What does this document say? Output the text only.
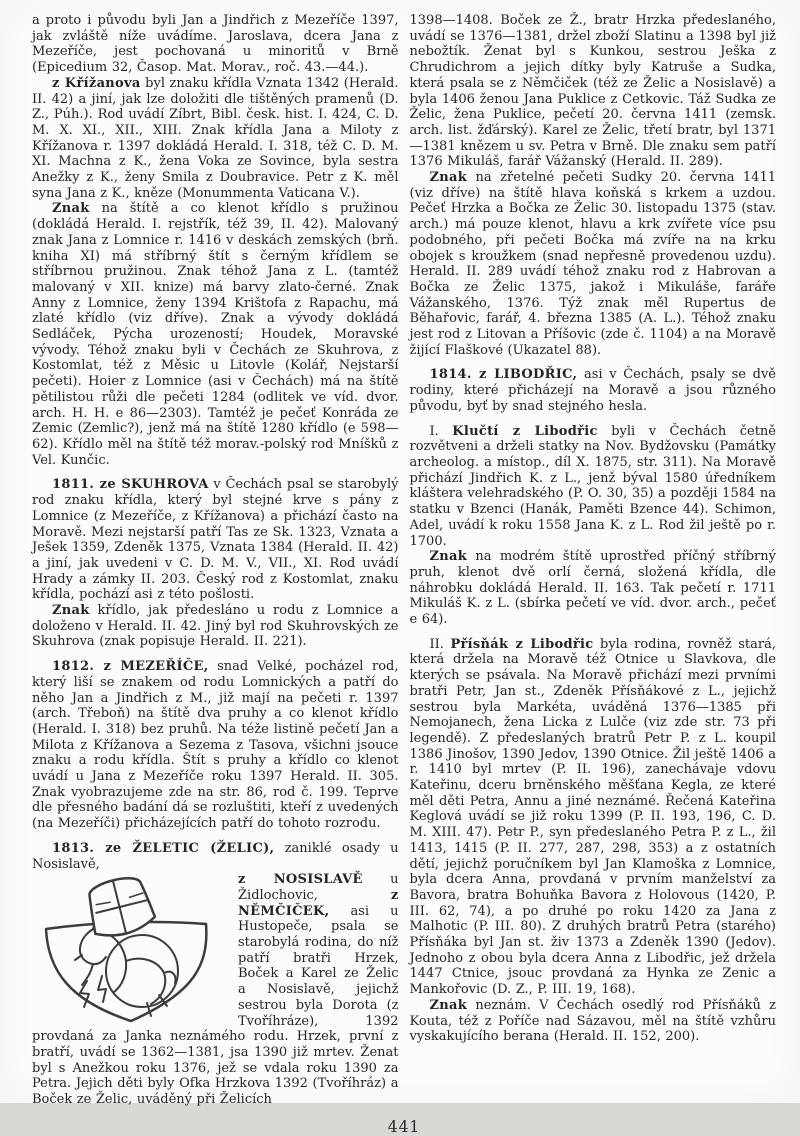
a proto i původu byli Jan a Jindřich z Mezeříče 1397, jak zvláště níže uvádíme. Jaroslava, dcera Jana z Mezeříče, jest pochovaná u minoritů v Brně (Epicedium 32, Časop. Mat. Morav., roč. 43.—44.).

z Křížanova byl znaku křídla Vznata 1342 (Herald. II. 42) a jiní, jak lze doložiti dle tištěných pramenů (D. Z., Púh.). Rod uvádí Zíbrt, Bibl. česk. hist. I. 424, C. D. M. X. XI., XII., XIII. Znak křídla Jana a Miloty z Křížanova r. 1397 dokládá Herald. I. 318, též C. D. M. XI. Machna z K., žena Voka ze Sovince, byla sestra Anežky z K., ženy Smila z Doubravice. Petr z K. měl syna Jana z K., kněze (Monummenta Vaticana V.).

Znak na štítě a co klenot křídlo s pružinou (dokládá Herald. I. rejstřík, též 39, II. 42). Malovaný znak Jana z Lomnice r. 1416 v deskách zemských (brň. kniha XI) má stříbrný štít s černým křídlem se stříbrnou pružinou. Znak téhož Jana z L. (tamtéž malovaný v XII. knize) má barvy zlato-černé. Znak Anny z Lomnice, ženy 1394 Krištofa z Rapachu, má zlaté křídlo (viz dříve). Znak a vývody dokládá Sedláček, Pýcha urozeností; Houdek, Moravské vývody. Téhož znaku byli v Čechách ze Skuhrova, z Kostomlat, též z Měsic u Litovle (Kolář, Nejstarší pečeti). Hoier z Lomnice (asi v Čechách) má na štítě pětilistou růži dle pečeti 1284 (odlitek ve víd. dvor. arch. H. H. e 86—2303). Tamtéž je pečeť Konráda ze Zemic (Zemlic?), jenž má na štítě 1280 křídlo (e 598—62). Křídlo měl na štítě též morav.-polský rod Mníšků z Vel. Kunčic.

1811. ze SKUHROVA v Čechách psal se starobylý rod znaku křídla, který byl stejné krve s pány z Lomnice (z Mezeříče, z Křížanova) a přichází často na Moravě. Mezi nejstarší patří Tas ze Sk. 1323, Vznata a Ješek 1359, Zdeněk 1375, Vznata 1384 (Herald. II. 42) a jiní, jak uvedeni v C. D. M. V., VII., XI. Rod uvádí Hrady a zámky II. 203. Český rod z Kostomlat, znaku křídla, pochází asi z této pošlosti.

Znak křídlo, jak předesláno u rodu z Lomnice a doloženo v Herald. II. 42. Jiný byl rod Skuhrovských ze Skuhrova (znak popisuje Herald. II. 221).

1812. z MEZEŘÍČE, snad Velké, pocházel rod, který liší se znakem od rodu Lomnických a patří do něho Jan a Jindřich z M., již mají na pečeti r. 1397 (arch. Třeboň) na štítě dva pruhy a co klenot křídlo (Herald. I. 318) bez pruhů. Na téže listině pečetí Jan a Milota z Křížanova a Sezema z Tasova, všichni jsouce znaku a rodu křídla. Štít s pruhy a křídlo co klenot uvádí u Jana z Mezeříče roku 1397 Herald. II. 305. Znak vyobrazujeme zde na str. 86, rod č. 199. Teprve dle přesného badání dá se rozluštiti, kteří z uvedených (na Mezeříči) přicházejících patří do tohoto rozrodu.

1813. ze ŽELETIC (ŽELIC), zaniklé osady u Nosislavě,

z NOSISLAVĚ u Židlochovic, z NĚMČIČEK, asi u Hustopeče, psala se starobylá rodina, do níž patří bratři Hrzek, Boček a Karel ze Želic a Nosislavě, jejichž sestrou byla Dorota (z Tvoříhráze), 1392 provdaná za Janka neznámého rodu. Hrzek, první z bratří, uvádí se 1362—1381, jsa 1390 již mrtev. Ženat byl s Anežkou roku 1376, jež se vdala roku 1390 za Petra. Jejich děti byly Ofka Hrzkova 1392 (Tvoříhráz) a Boček ze Želic, uváděný při Želicích

1398—1408. Boček ze Ž., bratr Hrzka předeslaného, uvádí se 1376—1381, držel zboží Slatinu a 1398 byl již nebožtík. Ženat byl s Kunkou, sestrou Ješka z Chrudichrom a jejich dítky byly Katruše a Sudka, která psala se z Němčiček (též ze Želic a Nosislavě) a byla 1406 ženou Jana Puklice z Cetkovic. Táž Sudka ze Želic, žena Puklice, pečetí 20. června 1411 (zemsk. arch. list. žďárský). Karel ze Želic, třetí bratr, byl 1371—1381 knězem u sv. Petra v Brně. Dle znaku sem patří 1376 Mikuláš, farář Vážanský (Herald. II. 289).

Znak na zřetelné pečeti Sudky 20. června 1411 (viz dříve) na štítě hlava koňská s krkem a uzdou. Pečeť Hrzka a Bočka ze Želic 30. listopadu 1375 (stav. arch.) má pouze klenot, hlavu a krk zvířete více psu podobného, při pečeti Bočka má zvíře na na krku obojek s kroužkem (snad nepřesně provedenou uzdu). Herald. II. 289 uvádí téhož znaku rod z Habrovan a Bočka ze Želic 1375, jakož i Mikuláše, faráře Vážanského, 1376. Týž znak měl Rupertus de Běhařovic, farář, 4. března 1385 (A. L.). Téhož znaku jest rod z Litovan a Příšovic (zde č. 1104) a na Moravě žijící Flaškové (Ukazatel 88).

1814. z LIBODŘIC, asi v Čechách, psaly se dvě rodiny, které přicházejí na Moravě a jsou různého původu, byť by snad stejného hesla.

I. Klučtí z Libodřic byli v Čechách četně rozvětveni a drželi statky na Nov. Bydžovsku (Památky archeolog. a místop., díl X. 1875, str. 311). Na Moravě přichází Jindřich K. z L., jenž býval 1580 úředníkem kláštera velehradského (P. O. 30, 35) a později 1584 na statku v Bzenci (Hanák, Paměti Bzence 44). Schimon, Adel, uvádí k roku 1558 Jana K. z L. Rod žil ještě po r. 1700.

Znak na modrém štítě uprostřed příčný stříbrný pruh, klenot dvě orlí černá, složená křídla, dle náhrobku dokládá Herald. II. 163. Tak pečetí r. 1711 Mikuláš K. z L. (sbírka pečetí ve víd. dvor. arch., pečeť e 64).

II. Přísňák z Libodřic byla rodina, rovněž stará, která držela na Moravě též Otnice u Slavkova, dle kterých se psávala. Na Moravě přichází mezi prvními bratři Petr, Jan st., Zdeněk Přísňákové z L., jejichž sestrou byla Markéta, uváděná 1376—1385 při Nemojanech, žena Licka z Lulče (viz zde str. 73 při legendě). Z předeslaných bratrů Petr P. z L. koupil 1386 Jinošov, 1390 Jedov, 1390 Otnice. Žil ještě 1406 a r. 1410 byl mrtev (P. II. 196), zanechávaje vdovu Kateřinu, dceru brněnského měšťana Kegla, ze které měl děti Petra, Annu a jiné neznámé. Řečená Kateřina Keglová uvádí se již roku 1399 (P. II. 193, 196, C. D. M. XIII. 47). Petr P., syn předeslaného Petra P. z L., žil 1413, 1415 (P. II. 277, 287, 298, 353) a z ostatních dětí, jejichž poručníkem byl Jan Klamoška z Lomnice, byla dcera Anna, provdaná v prvním manželství za Bavora, bratra Bohuňka Bavora z Holovous (1420, P. III. 62, 74), a po druhé po roku 1420 za Jana z Malhotic (P. III. 80). Z druhých bratrů Petra (starého) Přísňáka byl Jan st. živ 1373 a Zdeněk 1390 (Jedov). Jednoho z obou byla dcera Anna z Libodřic, jež držela 1447 Ctnice, jsouc provdaná za Hynka ze Zenic a Mankořovic (D. Z., P. III. 19, 168).

Znak neznám. V Čechách osedlý rod Přísňáků z Kouta, též z Poříče nad Sázavou, měl na štítě vzhůru vyskakujícího berana (Herald. II. 152, 200).

441
